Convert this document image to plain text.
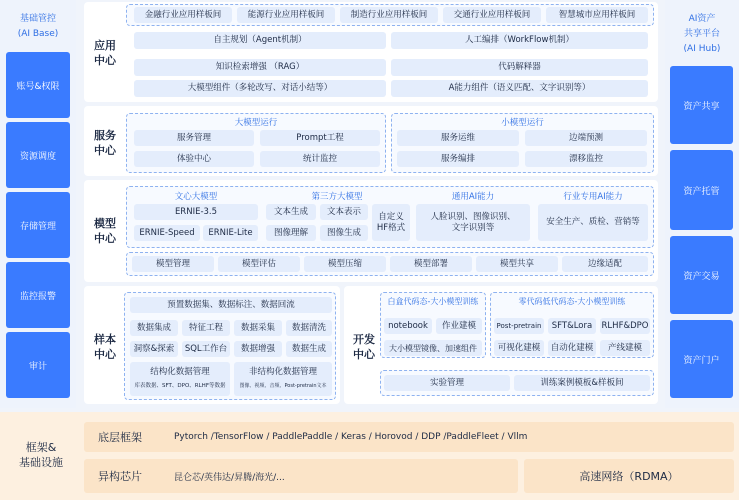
基础管控
(AI Base)
账号&权限
资源调度
存储管理
监控报警
审计
AI资产
共享平台
(AI Hub)
资产共享
资产托管
资产交易
资产门户
应用
中心
金融行业应用样板间	能源行业应用样板间	制造行业应用样板间	交通行业应用样板间	智慧城市应用样板间
自主规划（Agent机制）	人工编排（WorkFlow机制）
知识检索增强 （RAG）	代码解释器
大模型组件（多轮改写、对话小结等）	A能力组件（语义匹配、文字识别等）
服务
中心
大模型运行
服务管理	Prompt工程
体验中心	统计监控
小模型运行
服务运维	边端预测
服务编排	漂移监控
模型
中心
文心大模型
ERNIE-3.5
ERNIE-Speed	ERNIE-Lite
第三方大模型
文本生成	文本表示
图像理解	图像生成
自定义
HF格式
通用AI能力
人脸识别、图像识别、
文字识别等
行业专用AI能力
安全生产、质检、营销等
模型管理	模型评估	模型压缩	模型部署	模型共享	边缘适配
样本
中心
预置数据集、数据标注、数据回流
数据集成	特征工程	数据采集	数据清洗
洞察&探索	SQL工作台	数据增强	数据生成
结构化数据管理
库表数据、SFT、DPO、RLHF等数据
非结构化数据管理
图像、视频、音频、Post-pretrain文本
开发
中心
白盒代码态-大小模型训练
notebook	作业建模
大小模型镜像、加速组件
零代码低代码态-大小模型训练
Post-pretrain	SFT&Lora	RLHF&DPO
可视化建模	自动化建模	产线建模
实验管理	训练案例模板&样板间
框架&
基础设施
底层框架	Pytorch /TensorFlow / PaddlePaddle / Keras / Horovod / DDP /PaddleFleet / Vllm
异构芯片	昆仑芯/英伟达/昇腾/海光/...	高速网络（RDMA）
